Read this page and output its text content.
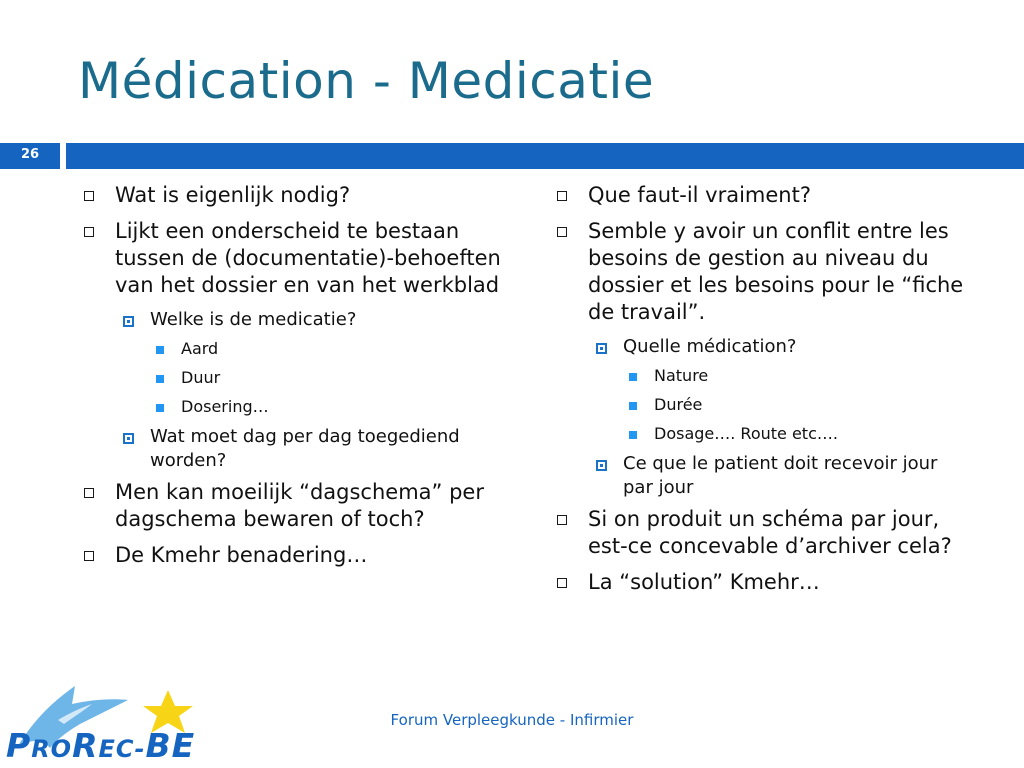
Médication - Medicatie
26
Wat is eigenlijk nodig?
Lijkt een onderscheid te bestaan tussen de (documentatie)-behoeften van het dossier en van het werkblad
Welke is de medicatie?
Aard
Duur
Dosering…
Wat moet dag per dag toegediend worden?
Men kan moeilijk “dagschema” per dagschema bewaren of toch?
De Kmehr benadering…
Que faut-il vraiment?
Semble y avoir un conflit entre les besoins de gestion au niveau du dossier et les besoins pour le “fiche de travail”.
Quelle médication?
Nature
Durée
Dosage…. Route etc….
Ce que le patient doit recevoir jour par jour
Si on produit un schéma par jour, est-ce concevable d’archiver cela?
La “solution” Kmehr…
PROREC-BE
Forum Verpleegkunde - Infirmier
